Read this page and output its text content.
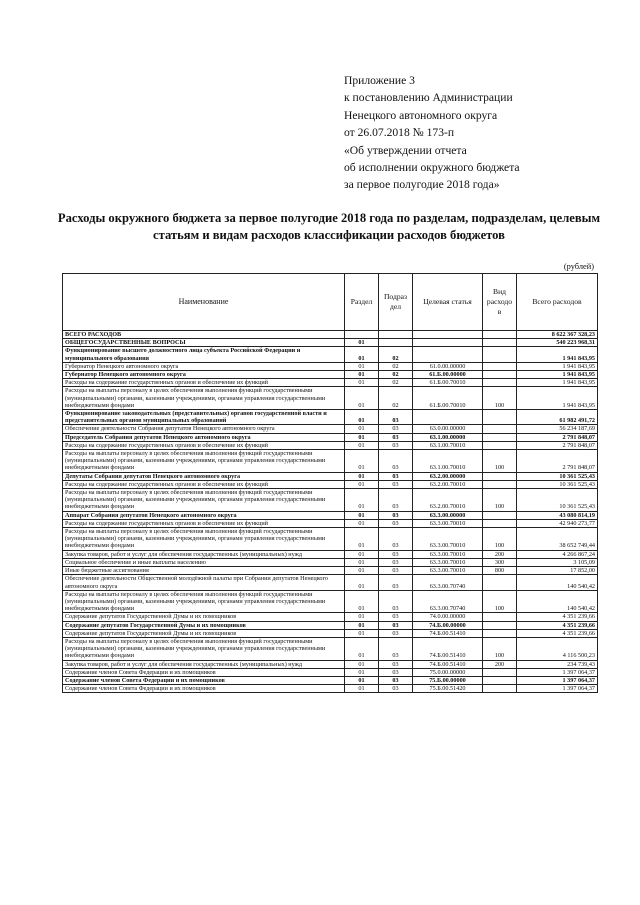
Приложение 3
к постановлению Администрации
Ненецкого автономного округа
от 26.07.2018 № 173-п
«Об утверждении отчета
об исполнении окружного бюджета
за первое полугодие 2018 года»
Расходы окружного бюджета за первое полугодие 2018 года по разделам, подразделам, целевым
статьям и видам расходов классификации расходов бюджетов
(рублей)
Наименование	Раздел	Подраз дел	Целевая статья	Вид расходо в	Всего расходов
ВСЕГО РАСХОДОВ					8 622 367 328,23
ОБЩЕГОСУДАРСТВЕННЫЕ ВОПРОСЫ	01				540 223 968,31
Функционирование высшего должностного лица субъекта Российской Федерации и муниципального образования	01	02			1 941 843,95
Губернатор Ненецкого автономного округа	01	02	61.0.00.00000		1 941 843,95
Губернатор Ненецкого автономного округа	01	02	61.Б.00.00000		1 941 843,95
Расходы на содержание государственных органов и обеспечение их функций	01	02	61.Б.00.70010		1 941 843,95
Расходы на выплаты персоналу в целях обеспечения выполнения функций государственными (муниципальными) органами, казенными учреждениями, органами управления государственными внебюджетными фондами	01	02	61.Б.00.70010	100	1 941 843,95
Функционирование законодательных (представительных) органов государственной власти и представительных органов муниципальных образований	01	03			61 982 491,72
Обеспечение деятельности Собрания депутатов Ненецкого автономного округа	01	03	63.0.00.00000		56 234 187,69
Председатель Собрания депутатов Ненецкого автономного округа	01	03	63.1.00.00000		2 791 848,07
Расходы на содержание государственных органов и обеспечение их функций	01	03	63.1.00.70010		2 791 848,07
Расходы на выплаты персоналу в целях обеспечения выполнения функций государственными (муниципальными) органами, казенными учреждениями, органами управления государственными внебюджетными фондами	01	03	63.1.00.70010	100	2 791 848,07
Депутаты Собрания депутатов Ненецкого автономного округа	01	03	63.2.00.00000		10 361 525,43
Расходы на содержание государственных органов и обеспечение их функций	01	03	63.2.00.70010		10 361 525,43
Расходы на выплаты персоналу в целях обеспечения выполнения функций государственными (муниципальными) органами, казенными учреждениями, органами управления государственными внебюджетными фондами	01	03	63.2.00.70010	100	10 361 525,43
Аппарат Собрания депутатов Ненецкого автономного округа	01	03	63.3.00.00000		43 080 814,19
Расходы на содержание государственных органов и обеспечение их функций	01	03	63.3.00.70010		42 940 273,77
Расходы на выплаты персоналу в целях обеспечения выполнения функций государственными (муниципальными) органами, казенными учреждениями, органами управления государственными внебюджетными фондами	01	03	63.3.00.70010	100	38 652 749,44
Закупка товаров, работ и услуг для обеспечения государственных (муниципальных) нужд	01	03	63.3.00.70010	200	4 266 867,24
Социальное обеспечение и иные выплаты населению	01	03	63.3.00.70010	300	3 105,09
Иные бюджетные ассигнования	01	03	63.3.00.70010	800	17 852,00
Обеспечение деятельности Общественной молодёжной палаты при Собрании депутатов Ненецкого автономного округа	01	03	63.3.00.70740		140 540,42
Расходы на выплаты персоналу в целях обеспечения выполнения функций государственными (муниципальными) органами, казенными учреждениями, органами управления государственными внебюджетными фондами	01	03	63.3.00.70740	100	140 540,42
Содержание депутатов Государственной Думы и их помощников	01	03	74.0.00.00000		4 351 239,66
Содержание депутатов Государственной Думы и их помощников	01	03	74.Б.00.00000		4 351 239,66
Содержание депутатов Государственной Думы и их помощников	01	03	74.Б.00.51410		4 351 239,66
Расходы на выплаты персоналу в целях обеспечения выполнения функций государственными (муниципальными) органами, казенными учреждениями, органами управления государственными внебюджетными фондами	01	03	74.Б.00.51410	100	4 116 500,23
Закупка товаров, работ и услуг для обеспечения государственных (муниципальных) нужд	01	03	74.Б.00.51410	200	234 739,43
Содержание членов Совета Федерации и их помощников	01	03	75.0.00.00000		1 397 064,37
Содержание членов Совета Федерации и их помощников	01	03	75.Б.00.00000		1 397 064,37
Содержание членов Совета Федерации и их помощников	01	03	75.Б.00.51420		1 397 064,37
